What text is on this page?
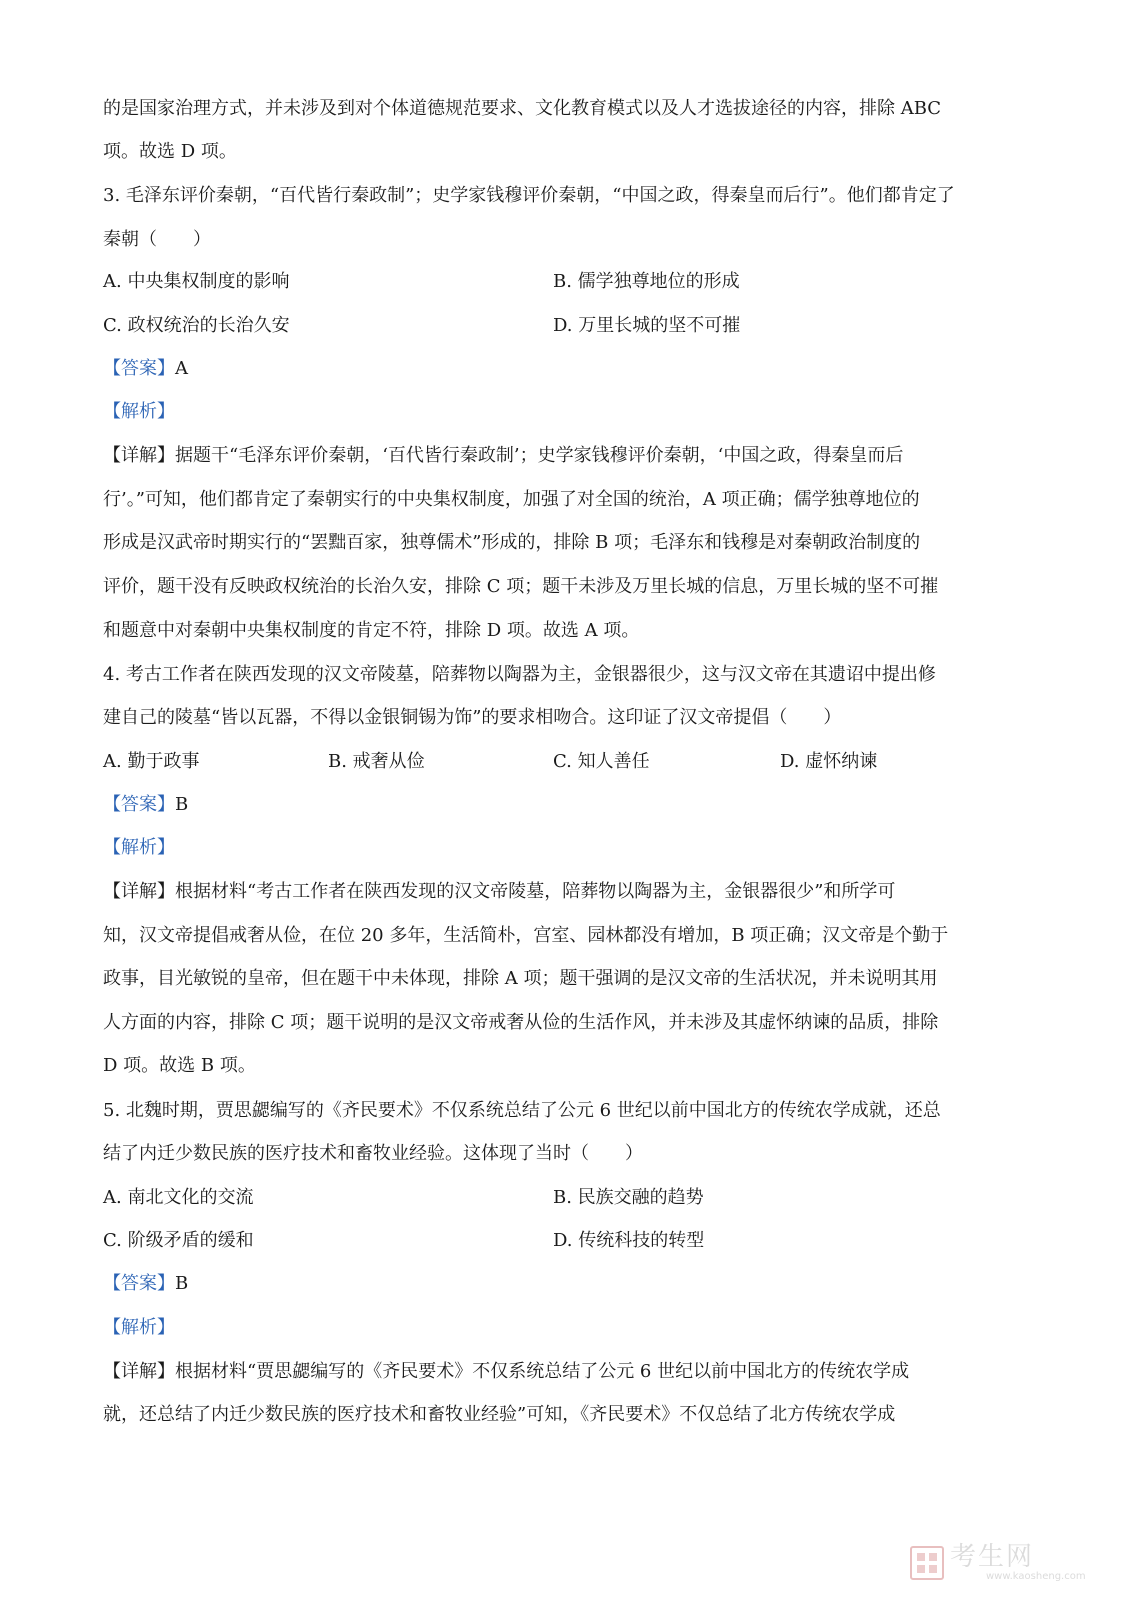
的是国家治理方式，并未涉及到对个体道德规范要求、文化教育模式以及人才选拔途径的内容，排除 ABC
项。故选 D 项。
3. 毛泽东评价秦朝，“百代皆行秦政制”；史学家钱穆评价秦朝，“中国之政，得秦皇而后行”。他们都肯定了
秦朝（　　）
A. 中央集权制度的影响	B. 儒学独尊地位的形成
C. 政权统治的长治久安	D. 万里长城的坚不可摧
【答案】A
【解析】
【详解】据题干“毛泽东评价秦朝，‘百代皆行秦政制’；史学家钱穆评价秦朝，‘中国之政，得秦皇而后
行’。”可知，他们都肯定了秦朝实行的中央集权制度，加强了对全国的统治，A 项正确；儒学独尊地位的
形成是汉武帝时期实行的“罢黜百家，独尊儒术”形成的，排除 B 项；毛泽东和钱穆是对秦朝政治制度的
评价，题干没有反映政权统治的长治久安，排除 C 项；题干未涉及万里长城的信息，万里长城的坚不可摧
和题意中对秦朝中央集权制度的肯定不符，排除 D 项。故选 A 项。
4. 考古工作者在陕西发现的汉文帝陵墓，陪葬物以陶器为主，金银器很少，这与汉文帝在其遗诏中提出修
建自己的陵墓“皆以瓦器，不得以金银铜锡为饰”的要求相吻合。这印证了汉文帝提倡（　　）
A. 勤于政事	B. 戒奢从俭	C. 知人善任	D. 虚怀纳谏
【答案】B
【解析】
【详解】根据材料“考古工作者在陕西发现的汉文帝陵墓，陪葬物以陶器为主，金银器很少”和所学可
知，汉文帝提倡戒奢从俭，在位 20 多年，生活简朴，宫室、园林都没有增加，B 项正确；汉文帝是个勤于
政事，目光敏锐的皇帝，但在题干中未体现，排除 A 项；题干强调的是汉文帝的生活状况，并未说明其用
人方面的内容，排除 C 项；题干说明的是汉文帝戒奢从俭的生活作风，并未涉及其虚怀纳谏的品质，排除
D 项。故选 B 项。
5. 北魏时期，贾思勰编写的《齐民要术》不仅系统总结了公元 6 世纪以前中国北方的传统农学成就，还总
结了内迁少数民族的医疗技术和畜牧业经验。这体现了当时（　　）
A. 南北文化的交流	B. 民族交融的趋势
C. 阶级矛盾的缓和	D. 传统科技的转型
【答案】B
【解析】
【详解】根据材料“贾思勰编写的《齐民要术》不仅系统总结了公元 6 世纪以前中国北方的传统农学成
就，还总结了内迁少数民族的医疗技术和畜牧业经验”可知，《齐民要术》不仅总结了北方传统农学成
考生网
www.kaosheng.com
